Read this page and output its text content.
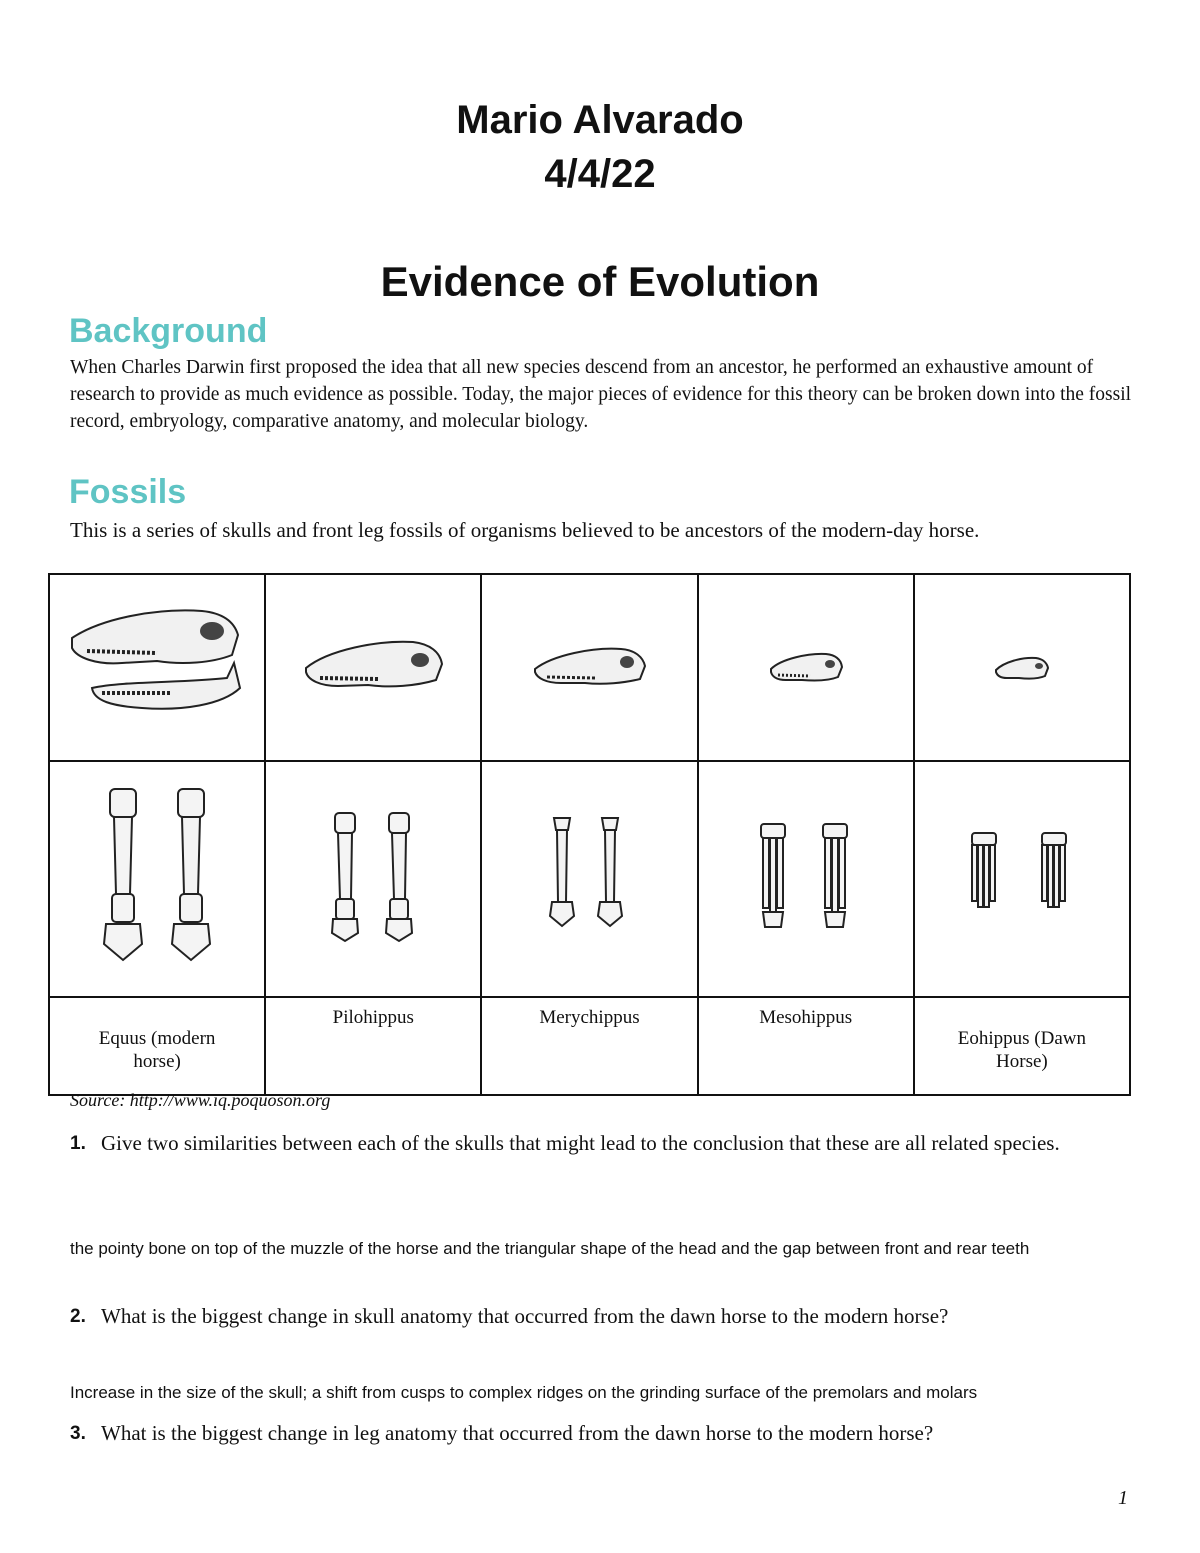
Mario Alvarado
4/4/22
Evidence of Evolution
Background
When Charles Darwin first proposed the idea that all new species descend from an ancestor, he performed an exhaustive amount of research to provide as much evidence as possible. Today, the major pieces of evidence for this theory can be broken down into the fossil record, embryology, comparative anatomy, and molecular biology.
Fossils
This is a series of skulls and front leg fossils of organisms believed to be ancestors of the modern-day horse.

Equus (modern horse)	Pilohippus	Merychippus	Mesohippus	Eohippus (Dawn Horse)
Source: http://www.iq.poquoson.org
1. Give two similarities between each of the skulls that might lead to the conclusion that these are all related species.
the pointy bone on top of the muzzle of the horse and the triangular shape of the head and the gap between front and rear teeth
2. What is the biggest change in skull anatomy that occurred from the dawn horse to the modern horse?
Increase in the size of the skull; a shift from cusps to complex ridges on the grinding surface of the premolars and molars
3. What is the biggest change in leg anatomy that occurred from the dawn horse to the modern horse?
1
